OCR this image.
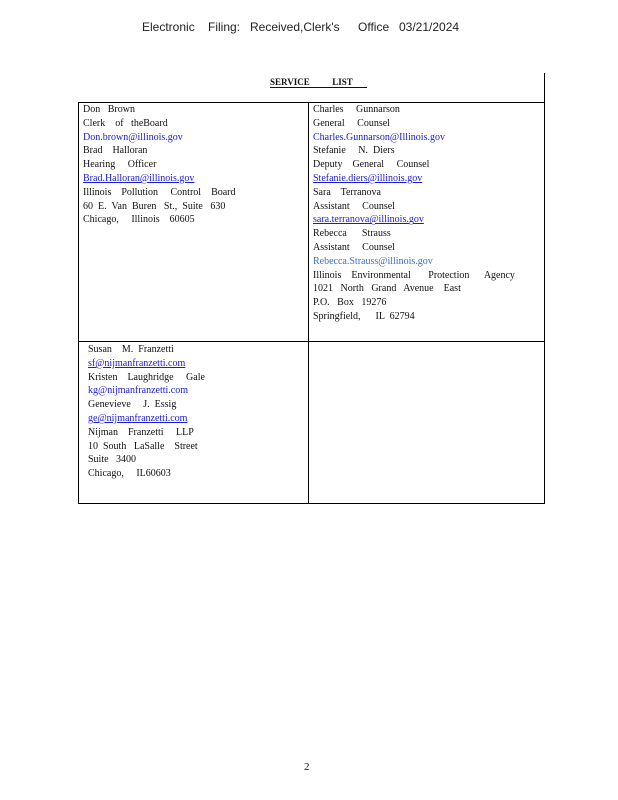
Electronic

Filing:

Received,Clerk's

Office

03/21/2024

SERVICE          LIST
Don   Brown
Clerk    of   theBoard
Don.brown@illinois.gov
Brad    Halloran
Hearing     Officer
Brad.Halloran@illinois.gov
Illinois    Pollution     Control    Board
60  E.  Van  Buren   St.,  Suite   630
Chicago,     Illinois    60605
Charles     Gunnarson
General     Counsel
Charles.Gunnarson@Illinois.gov
Stefanie     N.  Diers
Deputy    General     Counsel
Stefanie.diers@illinois.gov
Sara    Terranova
Assistant     Counsel
sara.terranova@illinois.gov
Rebecca      Strauss
Assistant     Counsel
Rebecca.Strauss@illinois.gov
Illinois    Environmental       Protection      Agency
1021   North   Grand   Avenue    East
P.O.   Box   19276
Springfield,      IL  62794
Susan    M.  Franzetti
sf@nijmanfranzetti.com
Kristen    Laughridge     Gale
kg@nijmanfranzetti.com
Genevieve     J.  Essig
ge@nijmanfranzetti.com
Nijman    Franzetti     LLP
10  South   LaSalle    Street
Suite   3400
Chicago,     IL60603
2
